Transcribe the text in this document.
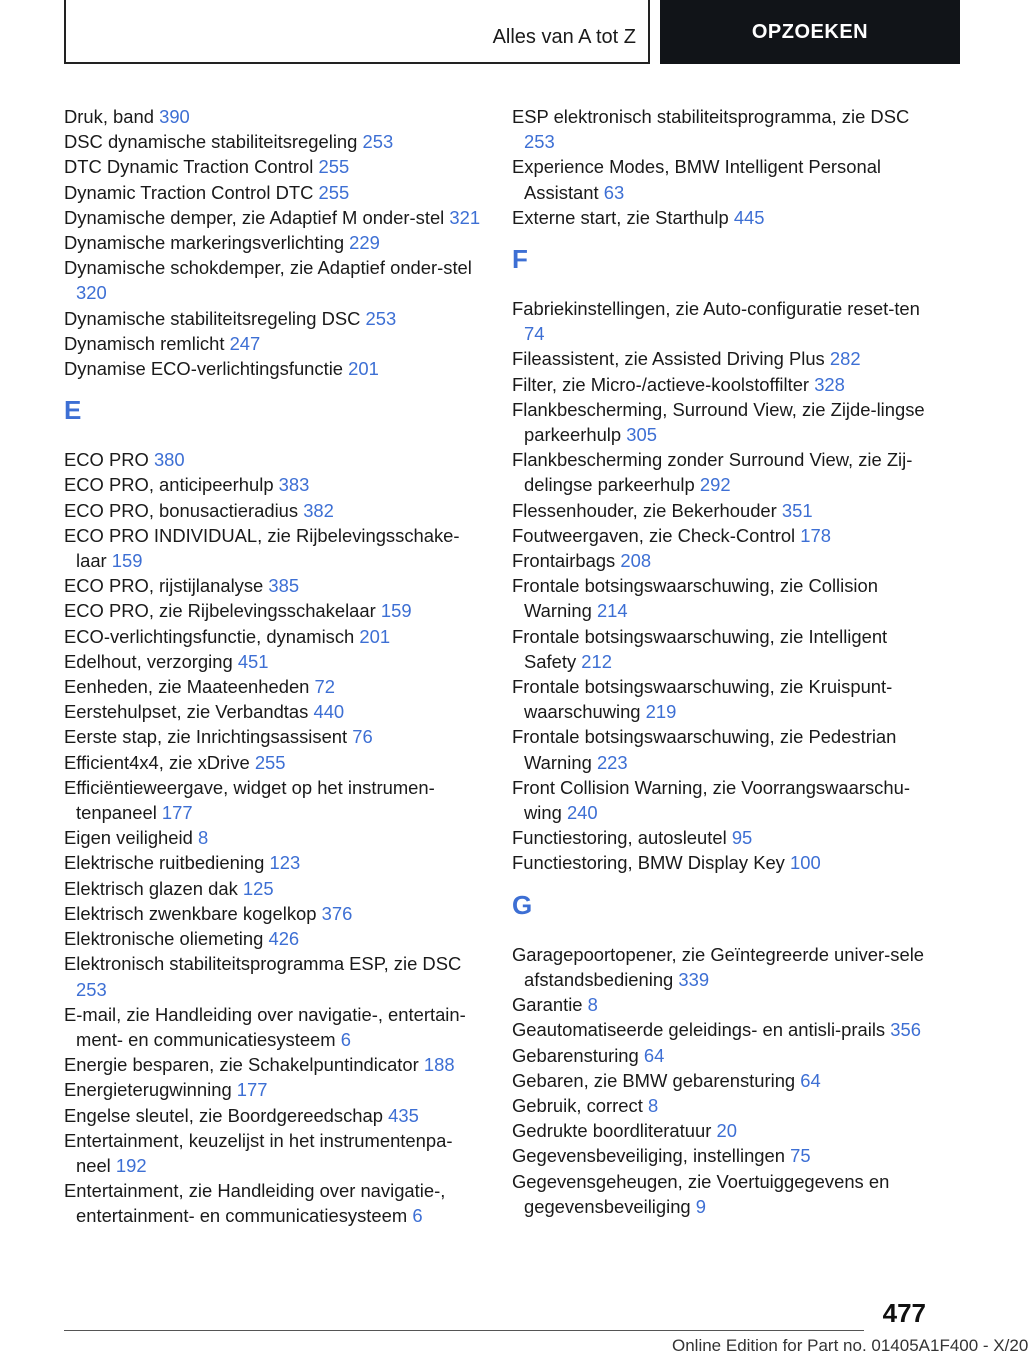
Alles van A tot Z	OPZOEKEN
Druk, band 390
DSC dynamische stabiliteitsregeling 253
DTC Dynamic Traction Control 255
Dynamic Traction Control DTC 255
Dynamische demper, zie Adaptief M onder-stel 321
Dynamische markeringsverlichting 229
Dynamische schokdemper, zie Adaptief onder-stel 320
Dynamische stabiliteitsregeling DSC 253
Dynamisch remlicht 247
Dynamise ECO-verlichtingsfunctie 201
E
ECO PRO 380
ECO PRO, anticipeerhulp 383
ECO PRO, bonusactieradius 382
ECO PRO INDIVIDUAL, zie Rijbelevingsschake-laar 159
ECO PRO, rijstijlanalyse 385
ECO PRO, zie Rijbelevingsschakelaar 159
ECO-verlichtingsfunctie, dynamisch 201
Edelhout, verzorging 451
Eenheden, zie Maateenheden 72
Eerstehulpset, zie Verbandtas 440
Eerste stap, zie Inrichtingsassisent 76
Efficient4x4, zie xDrive 255
Efficiëntieweergave, widget op het instrumen-tenpaneel 177
Eigen veiligheid 8
Elektrische ruitbediening 123
Elektrisch glazen dak 125
Elektrisch zwenkbare kogelkop 376
Elektronische oliemeting 426
Elektronisch stabiliteitsprogramma ESP, zie DSC 253
E-mail, zie Handleiding over navigatie-, entertain-ment- en communicatiesysteem 6
Energie besparen, zie Schakelpuntindicator 188
Energieterugwinning 177
Engelse sleutel, zie Boordgereedschap 435
Entertainment, keuzelijst in het instrumentenpa-neel 192
Entertainment, zie Handleiding over navigatie-, entertainment- en communicatiesysteem 6
ESP elektronisch stabiliteitsprogramma, zie DSC 253
Experience Modes, BMW Intelligent Personal Assistant 63
Externe start, zie Starthulp 445
F
Fabriekinstellingen, zie Auto-configuratie reset-ten 74
Fileassistent, zie Assisted Driving Plus 282
Filter, zie Micro-/actieve-koolstoffilter 328
Flankbescherming, Surround View, zie Zijde-lingse parkeerhulp 305
Flankbescherming zonder Surround View, zie Zij-delingse parkeerhulp 292
Flessenhouder, zie Bekerhouder 351
Foutweergaven, zie Check-Control 178
Frontairbags 208
Frontale botsingswaarschuwing, zie Collision Warning 214
Frontale botsingswaarschuwing, zie Intelligent Safety 212
Frontale botsingswaarschuwing, zie Kruispunt-waarschuwing 219
Frontale botsingswaarschuwing, zie Pedestrian Warning 223
Front Collision Warning, zie Voorrangswaarschu-wing 240
Functiestoring, autosleutel 95
Functiestoring, BMW Display Key 100
G
Garagepoortopener, zie Geïntegreerde univer-sele afstandsbediening 339
Garantie 8
Geautomatiseerde geleidings- en antisli-prails 356
Gebarensturing 64
Gebaren, zie BMW gebarensturing 64
Gebruik, correct 8
Gedrukte boordliteratuur 20
Gegevensbeveiliging, instellingen 75
Gegevensgeheugen, zie Voertuiggegevens en gegevensbeveiliging 9
477
Online Edition for Part no. 01405A1F400 - X/20
